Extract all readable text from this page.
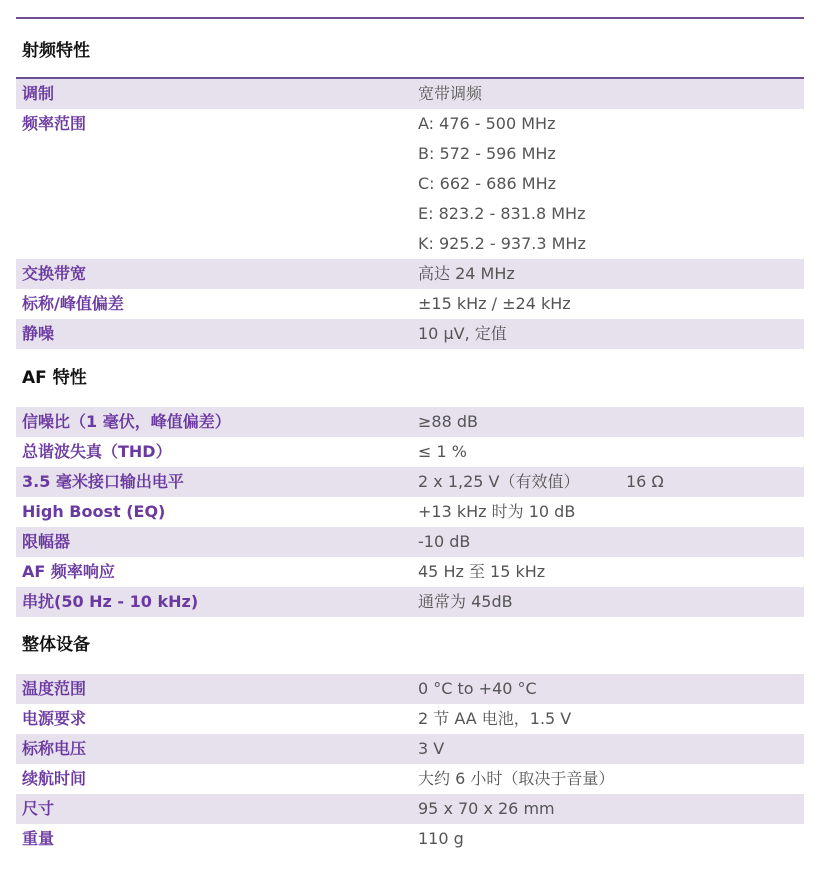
射频特性
调制	宽带调频
频率范围	A: 476 - 500 MHz
B: 572 - 596 MHz
C: 662 - 686 MHz
E: 823.2 - 831.8 MHz
K: 925.2 - 937.3 MHz
交换带宽	高达 24 MHz
标称/峰值偏差	±15 kHz / ±24 kHz
静噪	10 µV, 定值
AF 特性
信噪比（1 毫伏，峰值偏差）	≥88 dB
总谐波失真（THD）	≤ 1 %
3.5 毫米接口输出电平	2 x 1,25 V（有效值）	16 Ω
High Boost (EQ)	+13 kHz 时为 10 dB
限幅器	-10 dB
AF 频率响应	45 Hz 至 15 kHz
串扰(50 Hz - 10 kHz)	通常为 45dB
整体设备
温度范围	0 °C to +40 °C
电源要求	2 节 AA 电池，1.5 V
标称电压	3 V
续航时间	大约 6 小时（取决于音量）
尺寸	95 x 70 x 26 mm
重量	110 g
